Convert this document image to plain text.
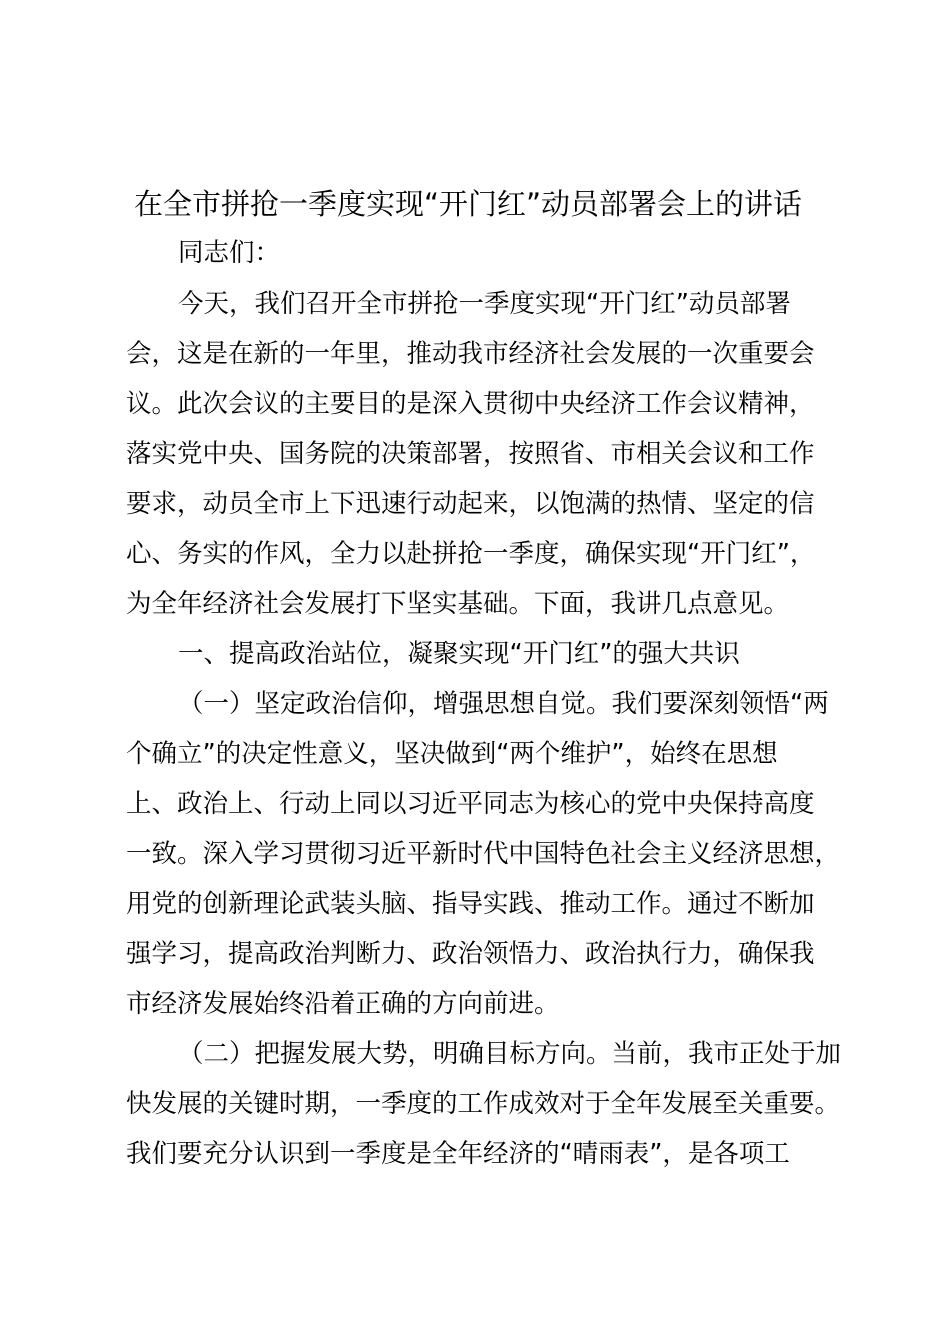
在全市拼抢一季度实现“开门红”动员部署会上的讲话
同志们：
今天，我们召开全市拼抢一季度实现“开门红”动员部署
会，这是在新的一年里，推动我市经济社会发展的一次重要会
议。此次会议的主要目的是深入贯彻中央经济工作会议精神，
落实党中央、国务院的决策部署，按照省、市相关会议和工作
要求，动员全市上下迅速行动起来，以饱满的热情、坚定的信
心、务实的作风，全力以赴拼抢一季度，确保实现“开门红”，
为全年经济社会发展打下坚实基础。下面，我讲几点意见。
一、提高政治站位，凝聚实现“开门红”的强大共识
（一）坚定政治信仰，增强思想自觉。我们要深刻领悟“两
个确立”的决定性意义，坚决做到“两个维护”，始终在思想
上、政治上、行动上同以习近平同志为核心的党中央保持高度
一致。深入学习贯彻习近平新时代中国特色社会主义经济思想，
用党的创新理论武装头脑、指导实践、推动工作。通过不断加
强学习，提高政治判断力、政治领悟力、政治执行力，确保我
市经济发展始终沿着正确的方向前进。
（二）把握发展大势，明确目标方向。当前，我市正处于加
快发展的关键时期，一季度的工作成效对于全年发展至关重要。
我们要充分认识到一季度是全年经济的“晴雨表”，是各项工
